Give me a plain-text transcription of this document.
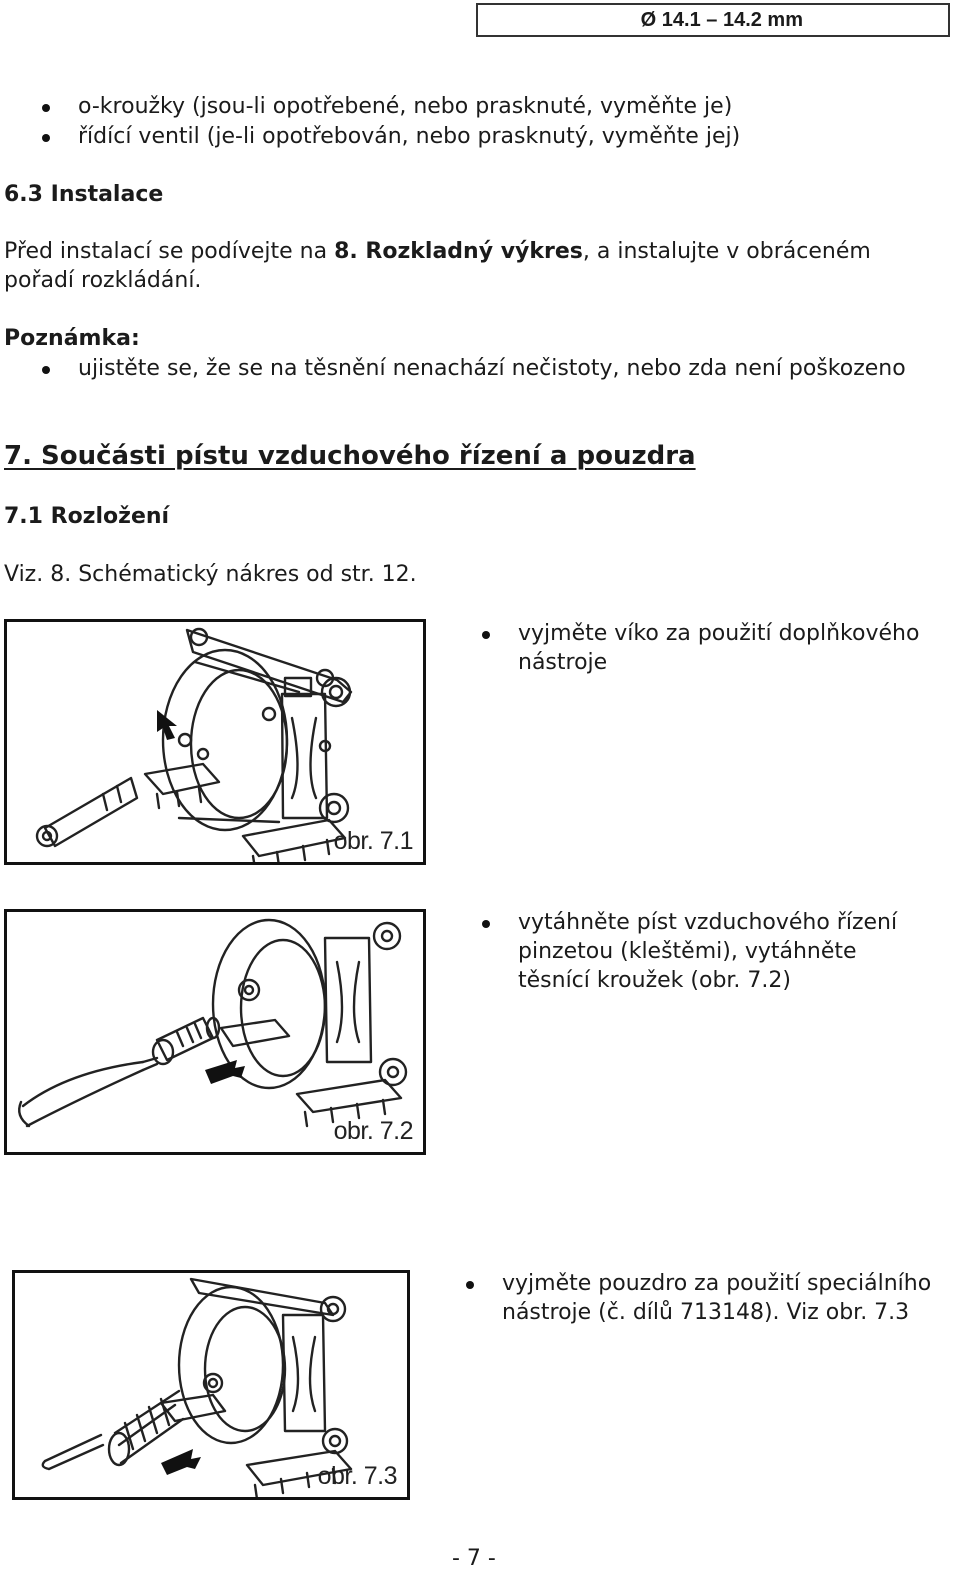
Ø 14.1 – 14.2 mm
o-kroužky (jsou-li opotřebené, nebo prasknuté, vyměňte je)
řídící ventil (je-li opotřebován, nebo prasknutý, vyměňte jej)
6.3 Instalace
Před instalací se podívejte na 8. Rozkladný výkres, a instalujte v obráceném
pořadí rozkládání.
Poznámka:
ujistěte se, že se na těsnění nenachází nečistoty, nebo zda není poškozeno
7. Součásti pístu vzduchového řízení a pouzdra
7.1 Rozložení
Viz. 8. Schématický nákres od str. 12.
obr. 7.1
vyjměte víko za použití doplňkového
nástroje
obr. 7.2
vytáhněte píst vzduchového řízení
pinzetou (kleštěmi), vytáhněte
těsnící kroužek (obr. 7.2)
obr. 7.3
vyjměte pouzdro za použití speciálního
nástroje (č. dílů 713148). Viz obr. 7.3
- 7 -
